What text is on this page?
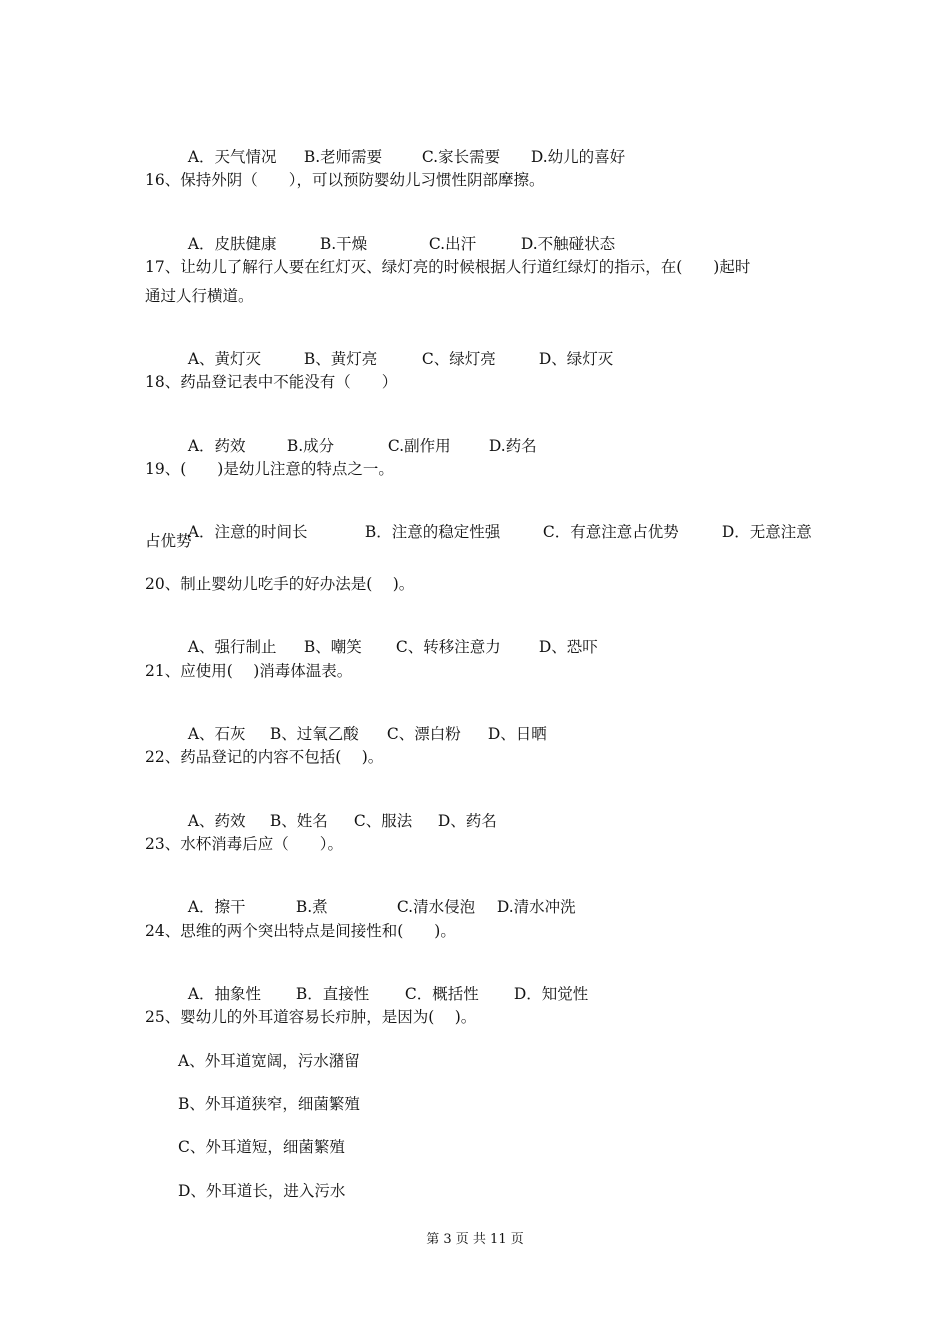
A．天气情况 B.老师需要	C.家长需要 D.幼儿的喜好

16、保持外阴（　　），可以预防婴幼儿习惯性阴部摩擦。

A．皮肤健康	B.干燥	C.出汗	D.不触碰状态

17、让幼儿了解行人要在红灯灭、绿灯亮的时候根据人行道红绿灯的指示，在(　　)起时
通过人行横道。

A、黄灯灭	B、黄灯亮	C、绿灯亮	D、绿灯灭

18、药品登记表中不能没有（　　）

A．药效	B.成分	C.副作用 D.药名

19、(　　)是幼儿注意的特点之一。

A．注意的时间长	B．注意的稳定性强	C．有意注意占优势	D．无意注意

占优势
20、制止婴幼儿吃手的好办法是(　 )。

A、强行制止 B、嘲笑 C、转移注意力 D、恐吓

21、应使用(　 )消毒体温表。

A、石灰 B、过氧乙酸 C、漂白粉 D、日晒

22、药品登记的内容不包括(　 )。

A、药效 B、姓名 C、服法 D、药名

23、水杯消毒后应（　　）。

A．擦干	B.煮	C.清水侵泡 D.清水冲洗

24、思维的两个突出特点是间接性和(　　)。

A．抽象性 B．直接性 C．概括性 D．知觉性

25、婴幼儿的外耳道容易长疖肿，是因为(　 )。
A、外耳道宽阔，污水潴留
B、外耳道狭窄，细菌繁殖
C、外耳道短，细菌繁殖
D、外耳道长，进入污水
第 3 页 共 11 页
